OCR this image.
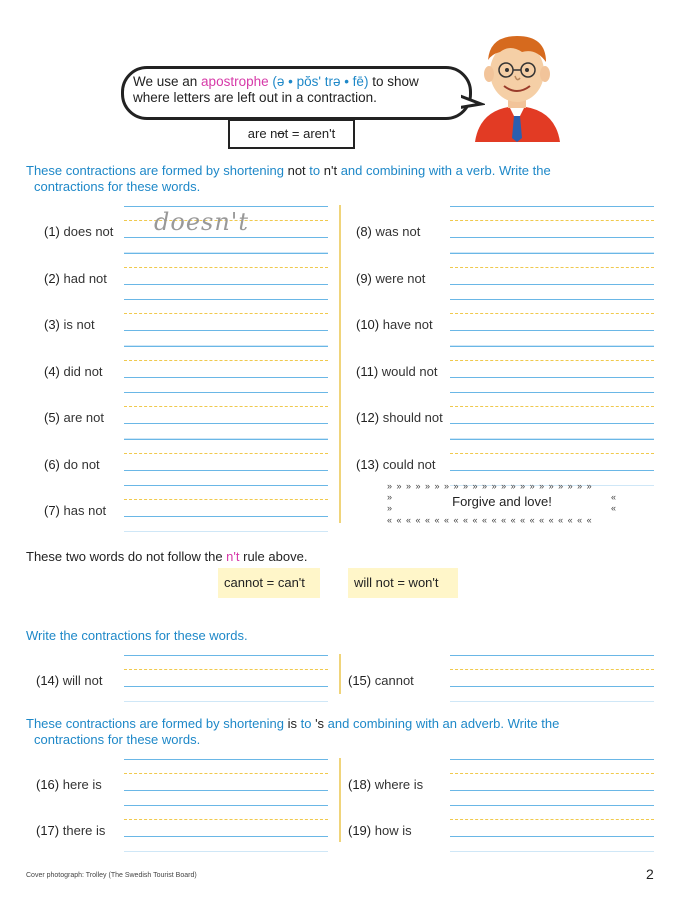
We use an apostrophe (ə • pŏs' trə • fē) to show
where letters are left out in a contraction.
are not = aren't
These contractions are formed by shortening not to n't and combining with a verb. Write the
contractions for these words.
(1) does not doesn't
(2) had not
(3) is not
(4) did not
(5) are not
(6) do not
(7) has not
(8) was not
(9) were not
(10) have not
(11) would not
(12) should not
(13) could not
» » » » » » » » » » » » » » » » » » » » » »
« « « « « « « « « « « « « « « « « « « « « «
»
»
«
«
Forgive and love!
These two words do not follow the n't rule above.
cannot = can't	will not = won't
Write the contractions for these words.
(14) will not	(15) cannot
These contractions are formed by shortening is to 's and combining with an adverb. Write the
contractions for these words.
(16) here is
(17) there is
(18) where is
(19) how is
Cover photograph: Trolley (The Swedish Tourist Board)	2
